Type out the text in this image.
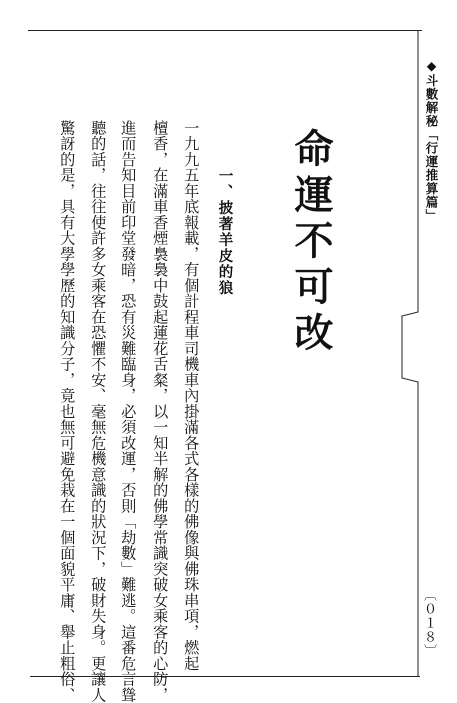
◆斗數解秘「行運推算篇」
〔０１８〕
命運不可改
一、披著羊皮的狼
一九九五年底報載，有個計程車司機車內掛滿各式各樣的佛像與佛珠串項，燃起
檀香，在滿車香煙裊裊中鼓起蓮花舌粲，以一知半解的佛學常識突破女乘客的心防，
進而告知目前印堂發暗，恐有災難臨身，必須改運，否則「劫數」難逃。這番危言聳
聽的話，往往使許多女乘客在恐懼不安、毫無危機意識的狀況下，破財失身。更讓人
驚訝的是，具有大學學歷的知識分子，竟也無可避免栽在一個面貌平庸、舉止粗俗、
